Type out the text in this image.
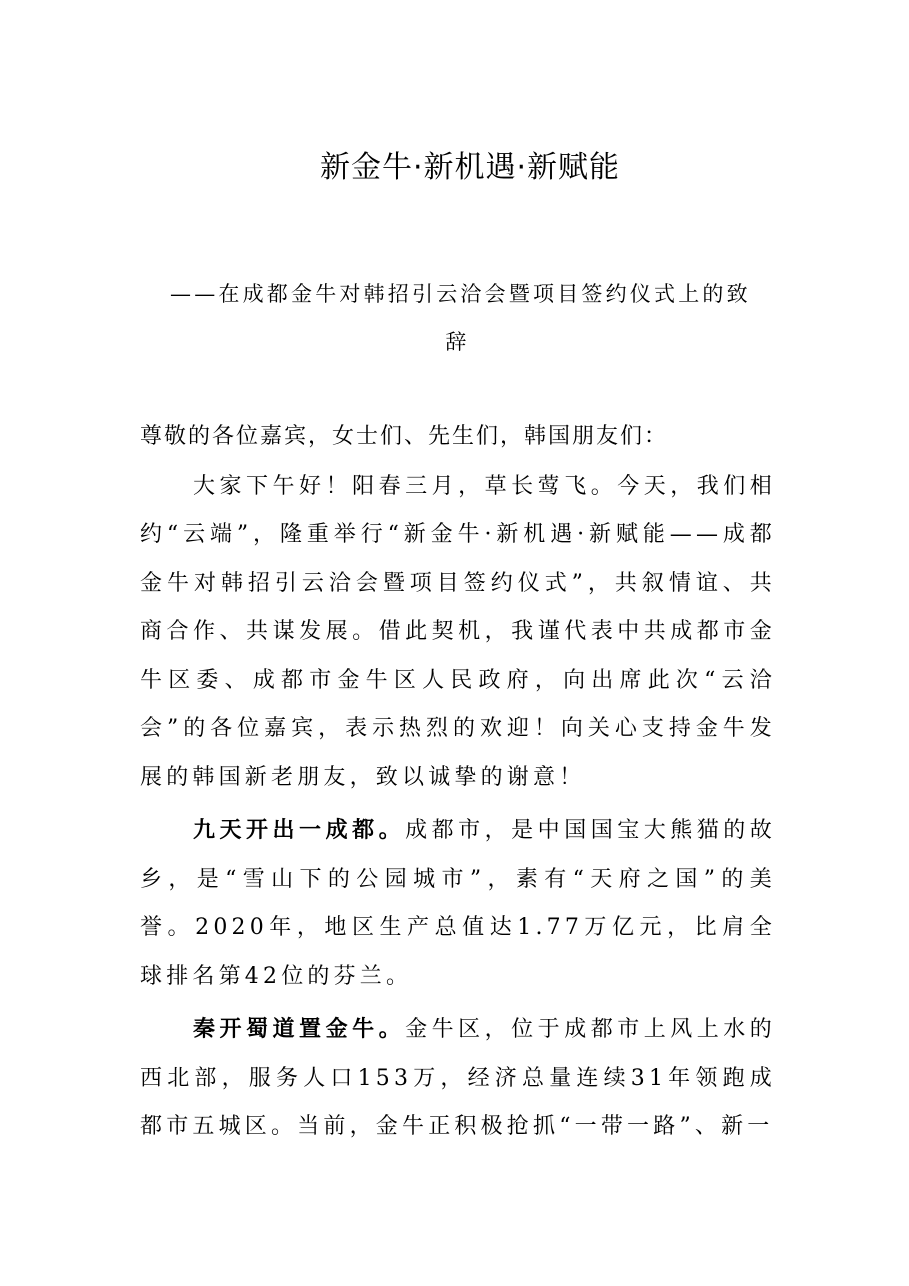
新金牛·新机遇·新赋能
——在成都金牛对韩招引云洽会暨项目签约仪式上的致
辞

尊敬的各位嘉宾，女士们、先生们，韩国朋友们：

大家下午好！阳春三月，草长莺飞。今天，我们相约“云端”，隆重举行“新金牛·新机遇·新赋能——成都金牛对韩招引云洽会暨项目签约仪式”，共叙情谊、共商合作、共谋发展。借此契机，我谨代表中共成都市金牛区委、成都市金牛区人民政府，向出席此次“云洽会”的各位嘉宾，表示热烈的欢迎！向关心支持金牛发展的韩国新老朋友，致以诚挚的谢意！

九天开出一成都。成都市，是中国国宝大熊猫的故乡，是“雪山下的公园城市”，素有“天府之国”的美誉。2020年，地区生产总值达1.77万亿元，比肩全球排名第42位的芬兰。

秦开蜀道置金牛。金牛区，位于成都市上风上水的西北部，服务人口153万，经济总量连续31年领跑成都市五城区。当前，金牛正积极抢抓“一带一路”、新一
